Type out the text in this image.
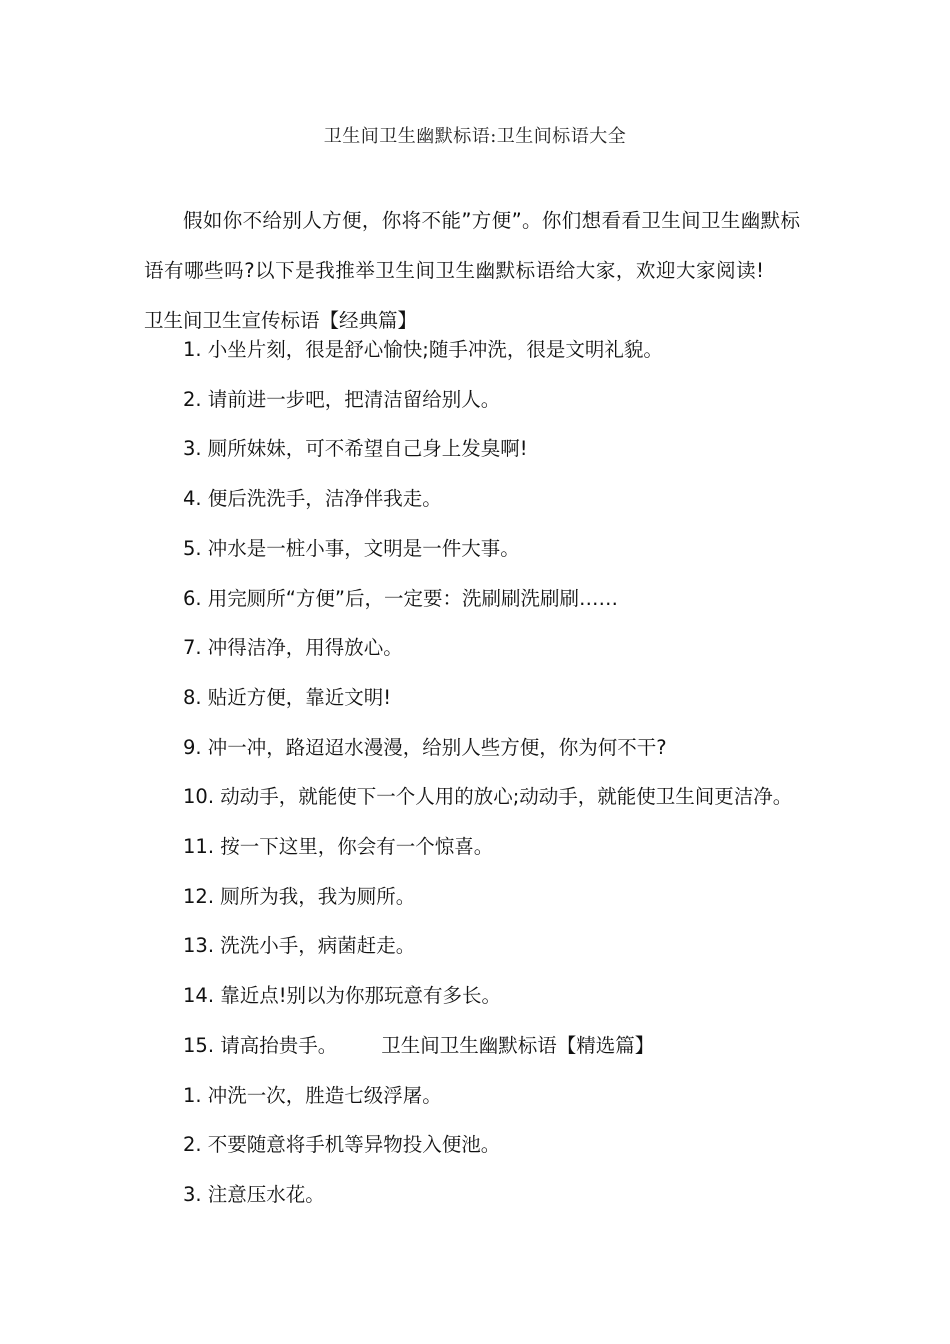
卫生间卫生幽默标语:卫生间标语大全

假如你不给别人方便，你将不能”方便”。你们想看看卫生间卫生幽默标语有哪些吗?以下是我推举卫生间卫生幽默标语给大家，欢迎大家阅读!卫生间卫生宣传标语【经典篇】

1. 小坐片刻，很是舒心愉快;随手冲洗，很是文明礼貌。
2. 请前进一步吧，把清洁留给别人。
3. 厕所妹妹，可不希望自己身上发臭啊!
4. 便后洗洗手，洁净伴我走。
5. 冲水是一桩小事，文明是一件大事。
6. 用完厕所“方便”后，一定要：洗刷刷洗刷刷……
7. 冲得洁净，用得放心。
8. 贴近方便，靠近文明!
9. 冲一冲，路迢迢水漫漫，给别人些方便，你为何不干?
10. 动动手，就能使下一个人用的放心;动动手，就能使卫生间更洁净。
11. 按一下这里，你会有一个惊喜。
12. 厕所为我，我为厕所。
13. 洗洗小手，病菌赶走。
14. 靠近点!别以为你那玩意有多长。
15. 请高抬贵手。 卫生间卫生幽默标语【精选篇】
1. 冲洗一次，胜造七级浮屠。
2. 不要随意将手机等异物投入便池。
3. 注意压水花。
